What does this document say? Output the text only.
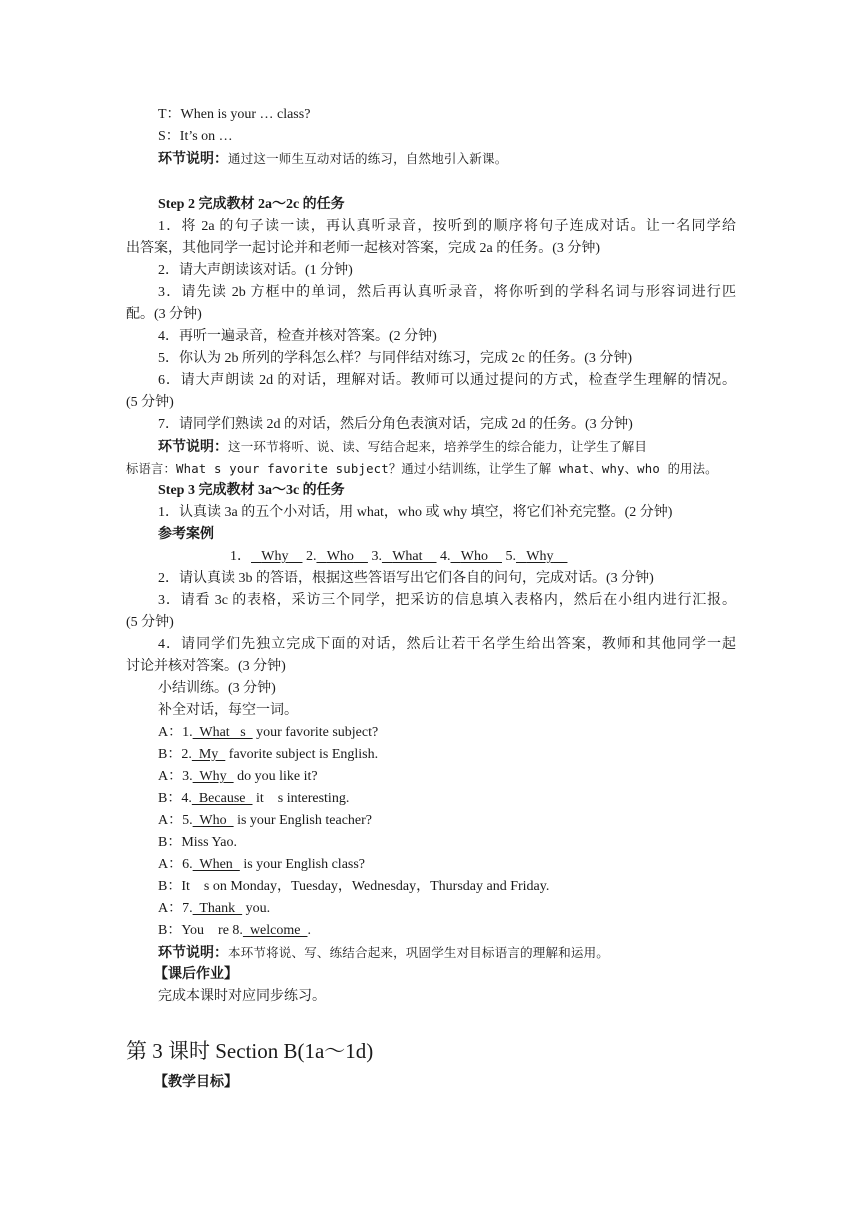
T：When is your … class?
S：It’s on …
环节说明：通过这一师生互动对话的练习，自然地引入新课。
Step 2 完成教材 2a～2c 的任务
1．将 2a 的句子读一读，再认真听录音，按听到的顺序将句子连成对话。让一名同学给
出答案，其他同学一起讨论并和老师一起核对答案，完成 2a 的任务。(3 分钟)
2．请大声朗读该对话。(1 分钟)
3．请先读 2b 方框中的单词，然后再认真听录音，将你听到的学科名词与形容词进行匹
配。(3 分钟)
4．再听一遍录音，检查并核对答案。(2 分钟)
5．你认为 2b 所列的学科怎么样？与同伴结对练习，完成 2c 的任务。(3 分钟)
6．请大声朗读 2d 的对话，理解对话。教师可以通过提问的方式，检查学生理解的情况。
(5 分钟)
7．请同学们熟读 2d 的对话，然后分角色表演对话，完成 2d 的任务。(3 分钟)
环节说明：这一环节将听、说、读、写结合起来，培养学生的综合能力，让学生了解目
标语言：What s your favorite subject？通过小结训练，让学生了解 what、why、who 的用法。
Step 3 完成教材 3a～3c 的任务
1．认真读 3a 的五个小对话，用 what，who 或 why 填空，将它们补充完整。(2 分钟)
参考案例
1． Why 2. Who 3. What 4. Who 5. Why
2．请认真读 3b 的答语，根据这些答语写出它们各自的问句，完成对话。(3 分钟)
3．请看 3c 的表格，采访三个同学，把采访的信息填入表格内，然后在小组内进行汇报。
(5 分钟)
4．请同学们先独立完成下面的对话，然后让若干名学生给出答案，教师和其他同学一起
讨论并核对答案。(3 分钟)
小结训练。(3 分钟)
补全对话，每空一词。
A：1.  What   s   your favorite subject?
B：2.  My   favorite subject is English.
A：3.  Why   do you like it?
B：4.  Because   it    s interesting.
A：5.  Who   is your English teacher?
B：Miss Yao.
A：6.  When   is your English class?
B：It    s on Monday，Tuesday，Wednesday，Thursday and Friday.
A：7.  Thank   you.
B：You    re 8.  welcome  .
环节说明：本环节将说、写、练结合起来，巩固学生对目标语言的理解和运用。
【课后作业】
完成本课时对应同步练习。
第 3 课时 Section B(1a～1d)
【教学目标】
